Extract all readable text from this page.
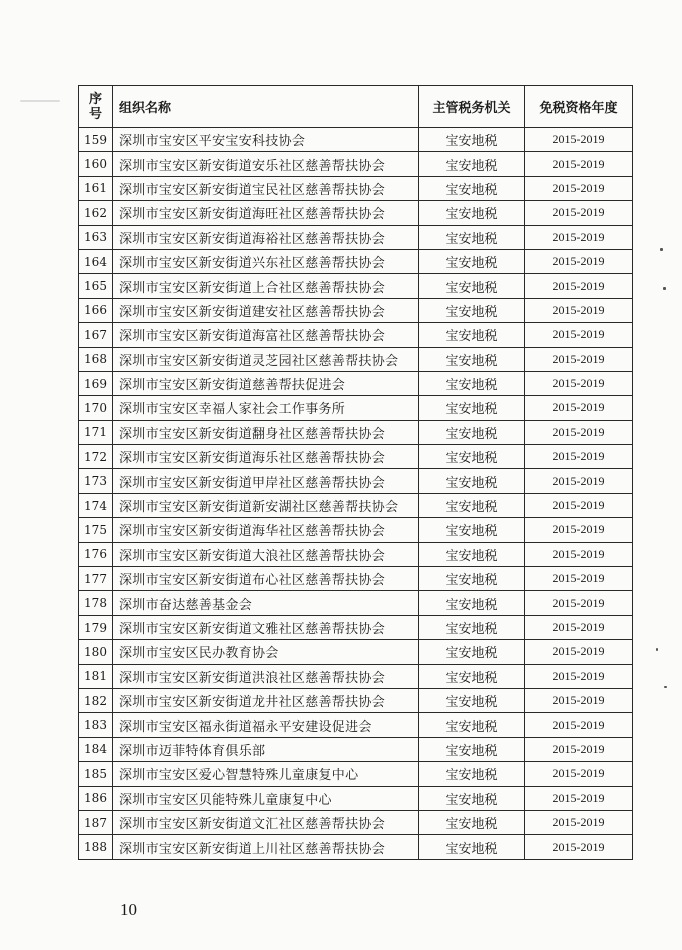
序
号	组织名称	主管税务机关	免税资格年度
159	深圳市宝安区平安宝安科技协会	宝安地税	2015-2019
160	深圳市宝安区新安街道安乐社区慈善帮扶协会	宝安地税	2015-2019
161	深圳市宝安区新安街道宝民社区慈善帮扶协会	宝安地税	2015-2019
162	深圳市宝安区新安街道海旺社区慈善帮扶协会	宝安地税	2015-2019
163	深圳市宝安区新安街道海裕社区慈善帮扶协会	宝安地税	2015-2019
164	深圳市宝安区新安街道兴东社区慈善帮扶协会	宝安地税	2015-2019
165	深圳市宝安区新安街道上合社区慈善帮扶协会	宝安地税	2015-2019
166	深圳市宝安区新安街道建安社区慈善帮扶协会	宝安地税	2015-2019
167	深圳市宝安区新安街道海富社区慈善帮扶协会	宝安地税	2015-2019
168	深圳市宝安区新安街道灵芝园社区慈善帮扶协会	宝安地税	2015-2019
169	深圳市宝安区新安街道慈善帮扶促进会	宝安地税	2015-2019
170	深圳市宝安区幸福人家社会工作事务所	宝安地税	2015-2019
171	深圳市宝安区新安街道翻身社区慈善帮扶协会	宝安地税	2015-2019
172	深圳市宝安区新安街道海乐社区慈善帮扶协会	宝安地税	2015-2019
173	深圳市宝安区新安街道甲岸社区慈善帮扶协会	宝安地税	2015-2019
174	深圳市宝安区新安街道新安湖社区慈善帮扶协会	宝安地税	2015-2019
175	深圳市宝安区新安街道海华社区慈善帮扶协会	宝安地税	2015-2019
176	深圳市宝安区新安街道大浪社区慈善帮扶协会	宝安地税	2015-2019
177	深圳市宝安区新安街道布心社区慈善帮扶协会	宝安地税	2015-2019
178	深圳市奋达慈善基金会	宝安地税	2015-2019
179	深圳市宝安区新安街道文雅社区慈善帮扶协会	宝安地税	2015-2019
180	深圳市宝安区民办教育协会	宝安地税	2015-2019
181	深圳市宝安区新安街道洪浪社区慈善帮扶协会	宝安地税	2015-2019
182	深圳市宝安区新安街道龙井社区慈善帮扶协会	宝安地税	2015-2019
183	深圳市宝安区福永街道福永平安建设促进会	宝安地税	2015-2019
184	深圳市迈菲特体育俱乐部	宝安地税	2015-2019
185	深圳市宝安区爱心智慧特殊儿童康复中心	宝安地税	2015-2019
186	深圳市宝安区贝能特殊儿童康复中心	宝安地税	2015-2019
187	深圳市宝安区新安街道文汇社区慈善帮扶协会	宝安地税	2015-2019
188	深圳市宝安区新安街道上川社区慈善帮扶协会	宝安地税	2015-2019
10
